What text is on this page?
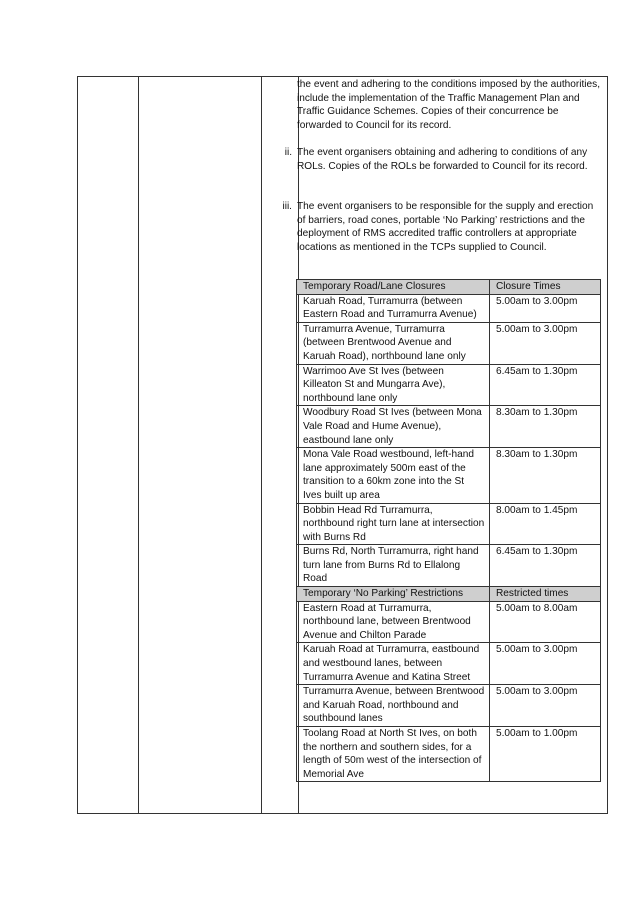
the event and adhering to the conditions imposed by the authorities, include the implementation of the Traffic Management Plan and Traffic Guidance Schemes. Copies of their concurrence be forwarded to Council for its record.
ii. The event organisers obtaining and adhering to conditions of any ROLs. Copies of the ROLs be forwarded to Council for its record.
iii. The event organisers to be responsible for the supply and erection of barriers, road cones, portable ‘No Parking’ restrictions and the deployment of RMS accredited traffic controllers at appropriate locations as mentioned in the TCPs supplied to Council.
Temporary Road/Lane Closures	Closure Times
Karuah Road, Turramurra (between Eastern Road and Turramurra Avenue)	5.00am to 3.00pm
Turramurra Avenue, Turramurra (between Brentwood Avenue and Karuah Road), northbound lane only	5.00am to 3.00pm
Warrimoo Ave St Ives (between Killeaton St and Mungarra Ave), northbound lane only	6.45am to 1.30pm
Woodbury Road St Ives (between Mona Vale Road and Hume Avenue), eastbound lane only	8.30am to 1.30pm
Mona Vale Road westbound, left-hand lane approximately 500m east of the transition to a 60km zone into the St Ives built up area	8.30am to 1.30pm
Bobbin Head Rd Turramurra, northbound right turn lane at intersection with Burns Rd	8.00am to 1.45pm
Burns Rd, North Turramurra, right hand turn lane from Burns Rd to Ellalong Road	6.45am to 1.30pm
Temporary ‘No Parking’ Restrictions	Restricted times
Eastern Road at Turramurra, northbound lane, between Brentwood Avenue and Chilton Parade	5.00am to 8.00am
Karuah Road at Turramurra, eastbound and westbound lanes, between Turramurra Avenue and Katina Street	5.00am to 3.00pm
Turramurra Avenue, between Brentwood and Karuah Road, northbound and southbound lanes	5.00am to 3.00pm
Toolang Road at North St Ives, on both the northern and southern sides, for a length of 50m west of the intersection of Memorial Ave	5.00am to 1.00pm
